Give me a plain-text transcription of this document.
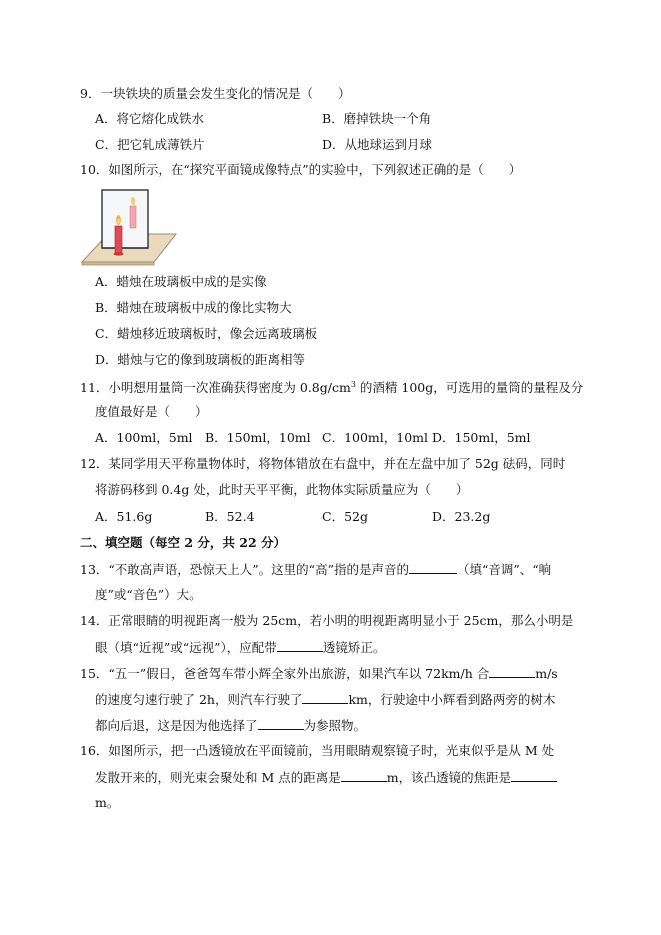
9．一块铁块的质量会发生变化的情况是（　　）
A．将它熔化成铁水	B．磨掉铁块一个角
C．把它轧成薄铁片	D．从地球运到月球
10．如图所示，在“探究平面镜成像特点”的实验中，下列叙述正确的是（　　）
A．蜡烛在玻璃板中成的是实像
B．蜡烛在玻璃板中成的像比实物大
C．蜡烛移近玻璃板时，像会远离玻璃板
D．蜡烛与它的像到玻璃板的距离相等
11．小明想用量筒一次准确获得密度为 $0.8g/cm^3$ 的酒精 100g，可选用的量筒的量程及分
度值最好是（　　）
A．100ml，5ml B．150ml，10ml C．100ml，10ml D．150ml，5ml
12．某同学用天平称量物体时，将物体错放在右盘中，并在左盘中加了 52g 砝码，同时
将游码移到 0.4g 处，此时天平平衡，此物体实际质量应为（　　）
A．51.6g	B．52.4	C．52g	D．23.2g
二、填空题（每空 2 分，共 22 分）
13．“不敢高声语，恐惊天上人”。这里的“高”指的是声音的	（填“音调”、“响
度”或“音色”）大。
14．正常眼睛的明视距离一般为 25cm，若小明的明视距离明显小于 25cm，那么小明是
眼（填“近视”或“远视”），应配带	透镜矫正。
15．“五一”假日，爸爸驾车带小辉全家外出旅游，如果汽车以 72km/h 合	m/s
的速度匀速行驶了 2h，则汽车行驶了	km，行驶途中小辉看到路两旁的树木
都向后退，这是因为他选择了	为参照物。
16．如图所示，把一凸透镜放在平面镜前，当用眼睛观察镜子时，光束似乎是从 M 处
发散开来的，则光束会聚处和 M 点的距离是	m，该凸透镜的焦距是
m。
